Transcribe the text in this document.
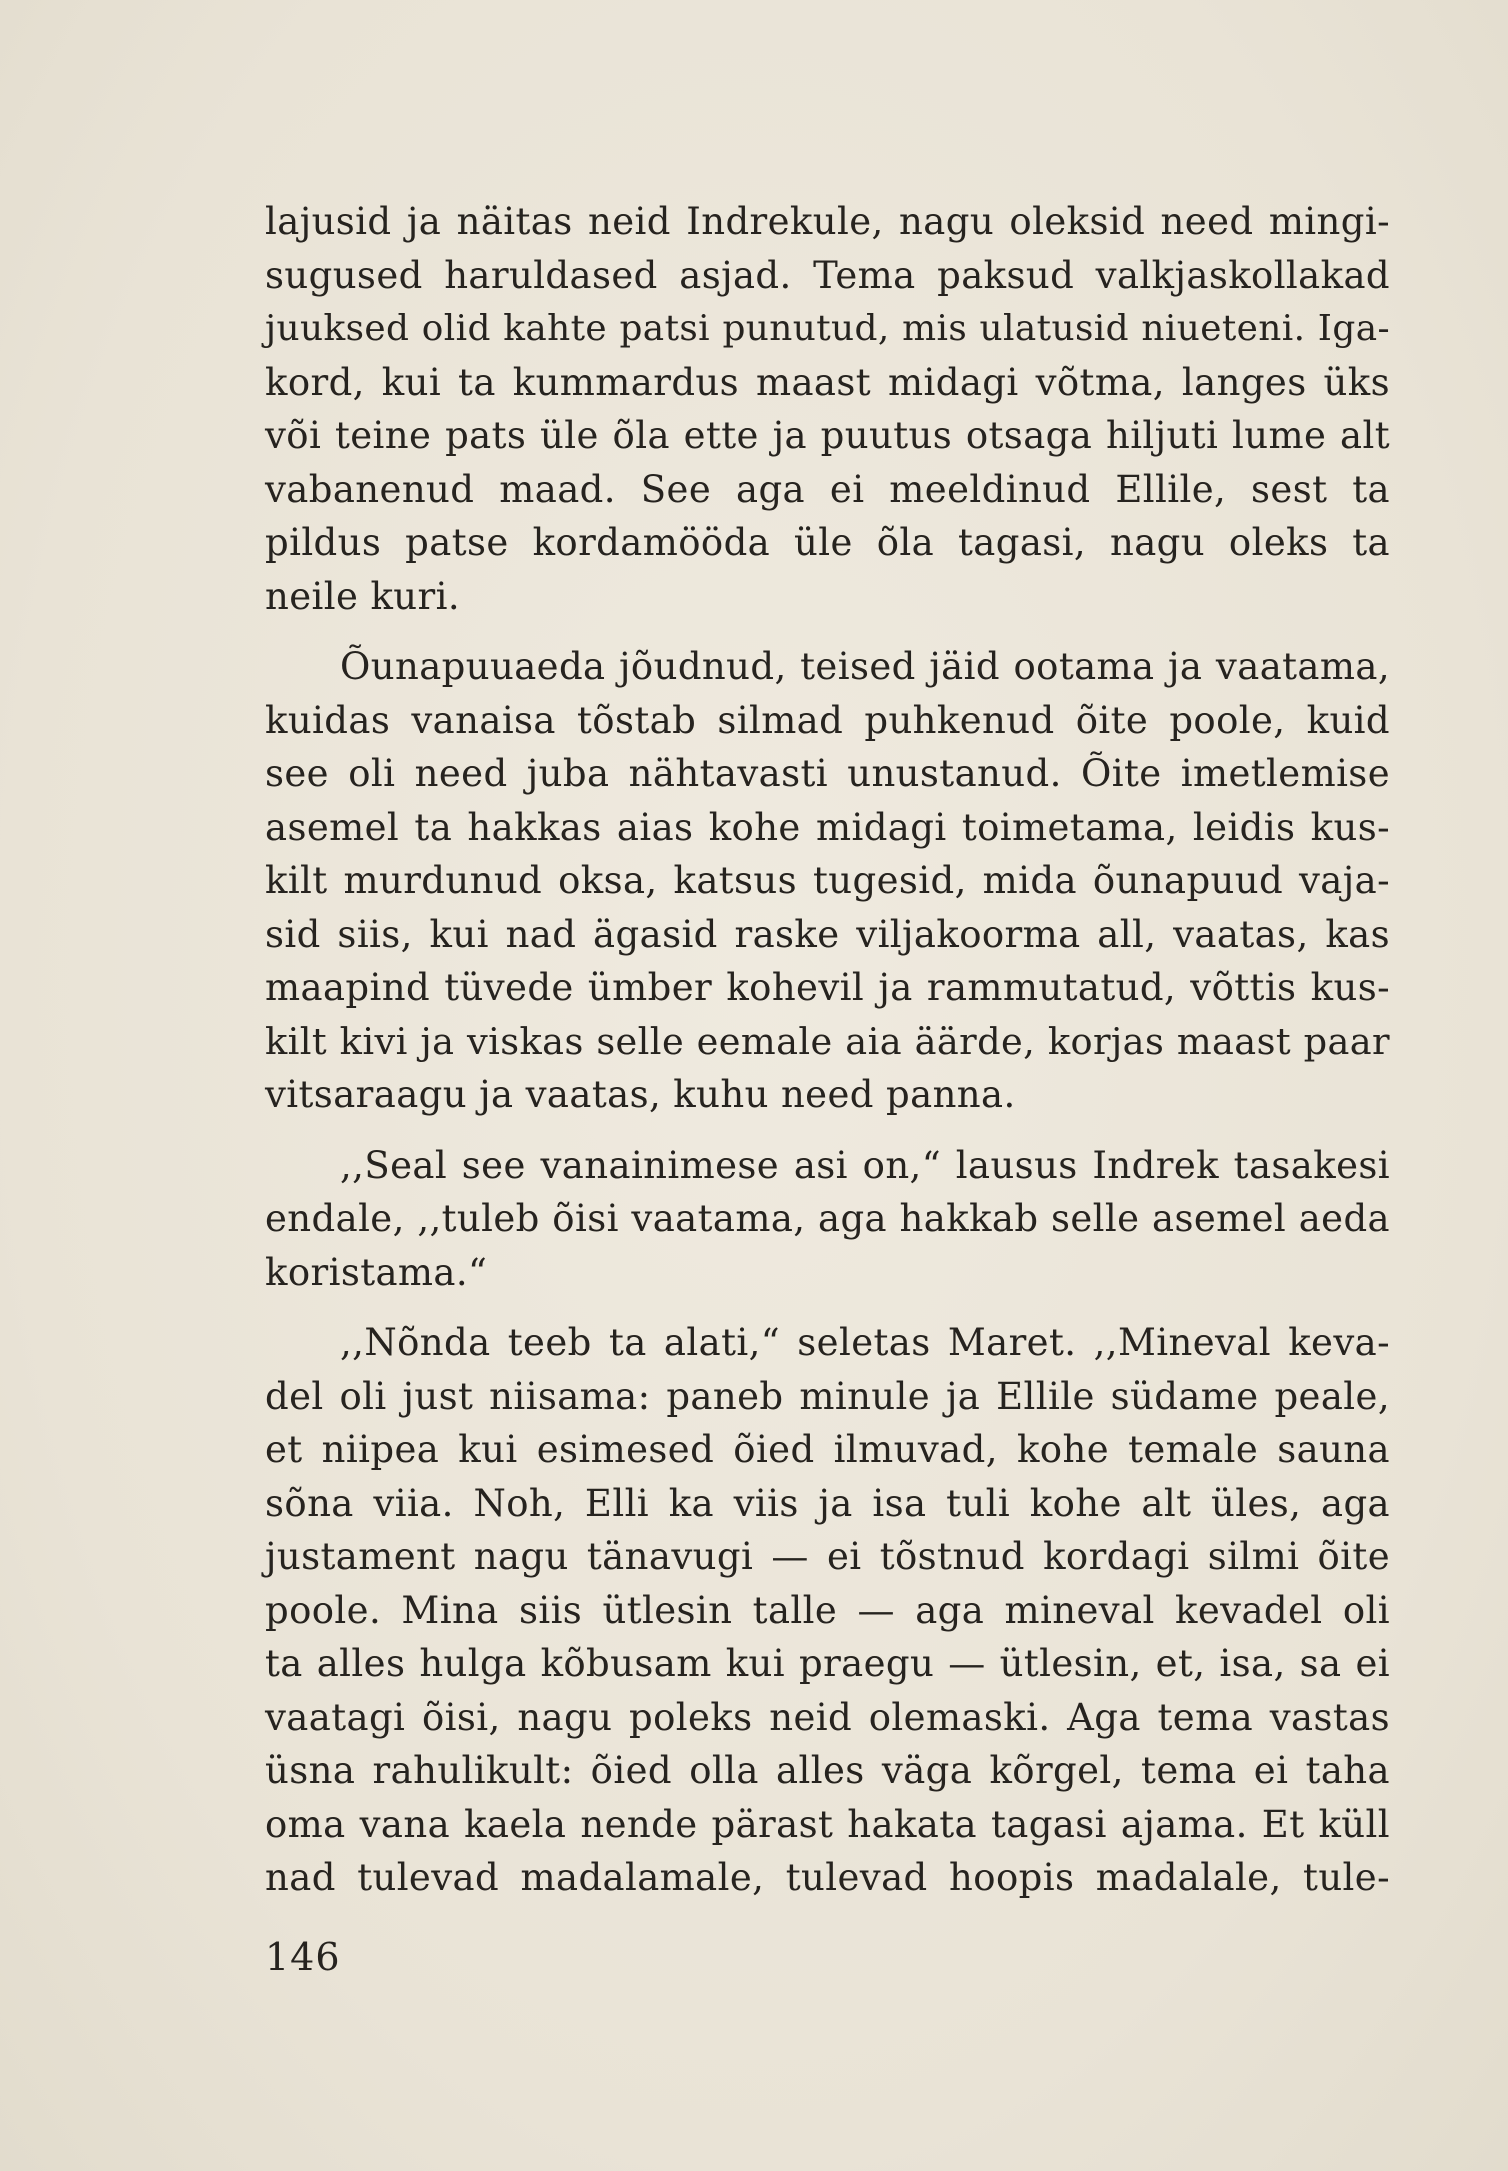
lajusid ja näitas neid Indrekule, nagu oleksid need mingi-
sugused haruldased asjad. Tema paksud valkjaskollakad
juuksed olid kahte patsi punutud, mis ulatusid niueteni. Iga-
kord, kui ta kummardus maast midagi võtma, langes üks
või teine pats üle õla ette ja puutus otsaga hiljuti lume alt
vabanenud maad. See aga ei meeldinud Ellile, sest ta
pildus patse kordamööda üle õla tagasi, nagu oleks ta
neile kuri.

Õunapuuaeda jõudnud, teised jäid ootama ja vaatama,
kuidas vanaisa tõstab silmad puhkenud õite poole, kuid
see oli need juba nähtavasti unustanud. Õite imetlemise
asemel ta hakkas aias kohe midagi toimetama, leidis kus-
kilt murdunud oksa, katsus tugesid, mida õunapuud vaja-
sid siis, kui nad ägasid raske viljakoorma all, vaatas, kas
maapind tüvede ümber kohevil ja rammutatud, võttis kus-
kilt kivi ja viskas selle eemale aia äärde, korjas maast paar
vitsaraagu ja vaatas, kuhu need panna.

,,Seal see vanainimese asi on,“ lausus Indrek tasakesi
endale, ,,tuleb õisi vaatama, aga hakkab selle asemel aeda
koristama.“

,,Nõnda teeb ta alati,“ seletas Maret. ,,Mineval keva-
del oli just niisama: paneb minule ja Ellile südame peale,
et niipea kui esimesed õied ilmuvad, kohe temale sauna
sõna viia. Noh, Elli ka viis ja isa tuli kohe alt üles, aga
justament nagu tänavugi — ei tõstnud kordagi silmi õite
poole. Mina siis ütlesin talle — aga mineval kevadel oli
ta alles hulga kõbusam kui praegu — ütlesin, et, isa, sa ei
vaatagi õisi, nagu poleks neid olemaski. Aga tema vastas
üsna rahulikult: õied olla alles väga kõrgel, tema ei taha
oma vana kaela nende pärast hakata tagasi ajama. Et küll
nad tulevad madalamale, tulevad hoopis madalale, tule-

146
